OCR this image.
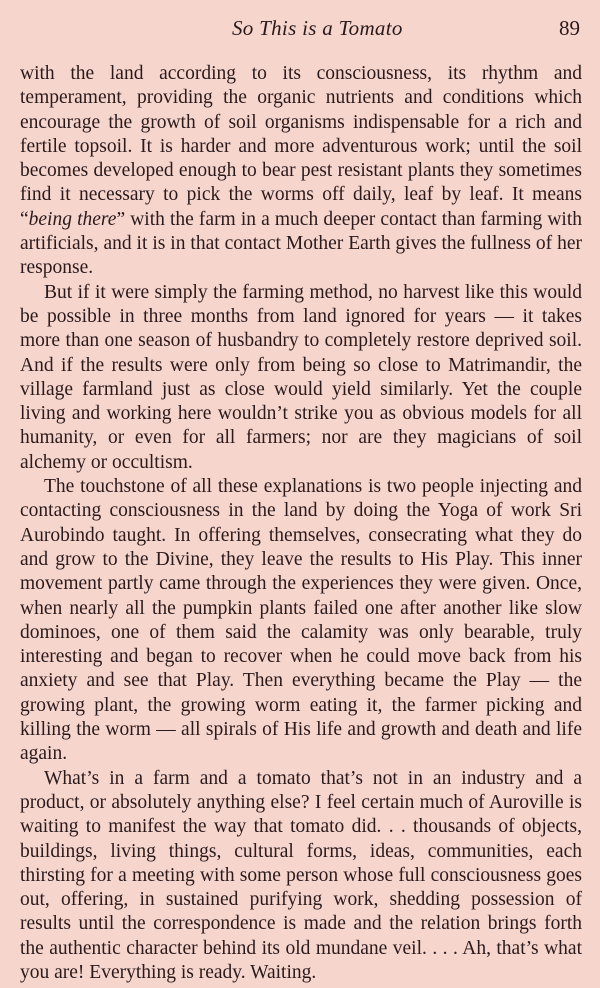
So This is a Tomato	89

with the land according to its consciousness, its rhythm and temperament, providing the organic nutrients and conditions which encourage the growth of soil organisms indispensable for a rich and fertile topsoil. It is harder and more adventurous work; until the soil becomes developed enough to bear pest resistant plants they sometimes find it necessary to pick the worms off daily, leaf by leaf. It means “being there” with the farm in a much deeper contact than farming with artificials, and it is in that contact Mother Earth gives the fullness of her response.

But if it were simply the farming method, no harvest like this would be possible in three months from land ignored for years — it takes more than one season of husbandry to completely restore deprived soil. And if the results were only from being so close to Matrimandir, the village farmland just as close would yield similarly. Yet the couple living and working here wouldn’t strike you as obvious models for all humanity, or even for all farmers; nor are they magicians of soil alchemy or occultism.

The touchstone of all these explanations is two people injecting and contacting consciousness in the land by doing the Yoga of work Sri Aurobindo taught. In offering themselves, consecrating what they do and grow to the Divine, they leave the results to His Play. This inner movement partly came through the experiences they were given. Once, when nearly all the pumpkin plants failed one after another like slow dominoes, one of them said the calamity was only bearable, truly interesting and began to recover when he could move back from his anxiety and see that Play. Then everything became the Play — the growing plant, the growing worm eating it, the farmer picking and killing the worm — all spirals of His life and growth and death and life again.

What’s in a farm and a tomato that’s not in an industry and a product, or absolutely anything else? I feel certain much of Auroville is waiting to manifest the way that tomato did. . . thousands of objects, buildings, living things, cultural forms, ideas, communities, each thirsting for a meeting with some person whose full consciousness goes out, offering, in sustained purifying work, shedding possession of results until the correspondence is made and the relation brings forth the authentic character behind its old mundane veil. . . . Ah, that’s what you are! Everything is ready. Waiting.
